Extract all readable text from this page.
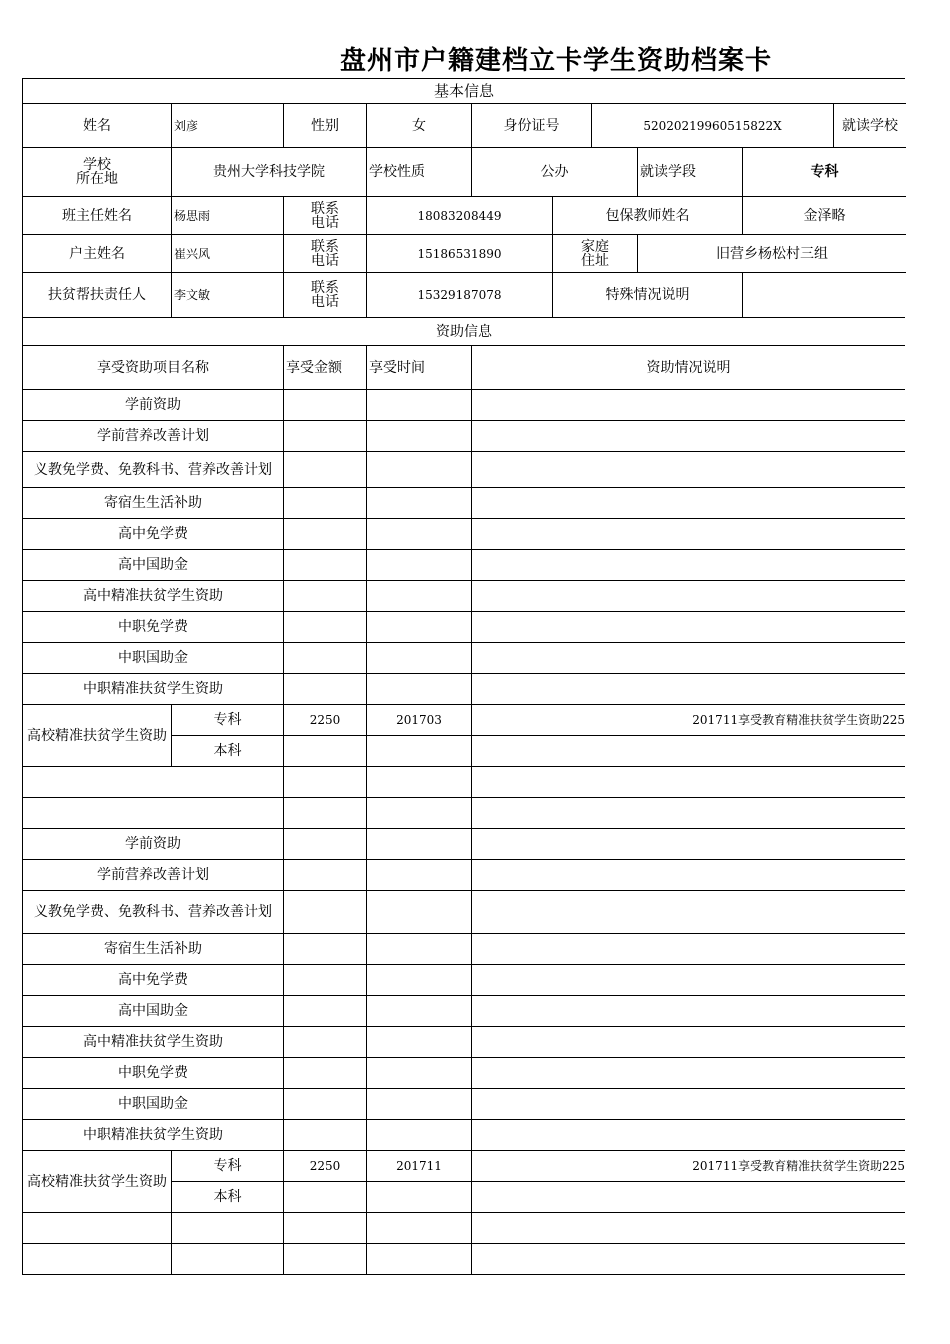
盘州市户籍建档立卡学生资助档案卡
基本信息
姓名	刘彦	性别	女	身份证号	52020219960515822X	就读学校
学校
所在地	贵州大学科技学院	学校性质	公办	就读学段	专科
班主任姓名	杨思雨	联系
电话	18083208449	包保教师姓名	金泽略
户主姓名	崔兴风	联系
电话	15186531890	家庭
住址	旧营乡杨松村三组
扶贫帮扶责任人	李文敏	联系
电话	15329187078	特殊情况说明
资助信息
享受资助项目名称	享受金额	享受时间	资助情况说明
学前资助
学前营养改善计划
义教免学费、免教科书、营养改善计划
寄宿生生活补助
高中免学费
高中国助金
高中精准扶贫学生资助
中职免学费
中职国助金
中职精准扶贫学生资助
高校精准扶贫学生资助
专科	2250	201703	201711享受教育精准扶贫学生资助225
本科
学前资助
学前营养改善计划
义教免学费、免教科书、营养改善计划
寄宿生生活补助
高中免学费
高中国助金
高中精准扶贫学生资助
中职免学费
中职国助金
中职精准扶贫学生资助
高校精准扶贫学生资助
专科	2250	201711	201711享受教育精准扶贫学生资助225
本科
